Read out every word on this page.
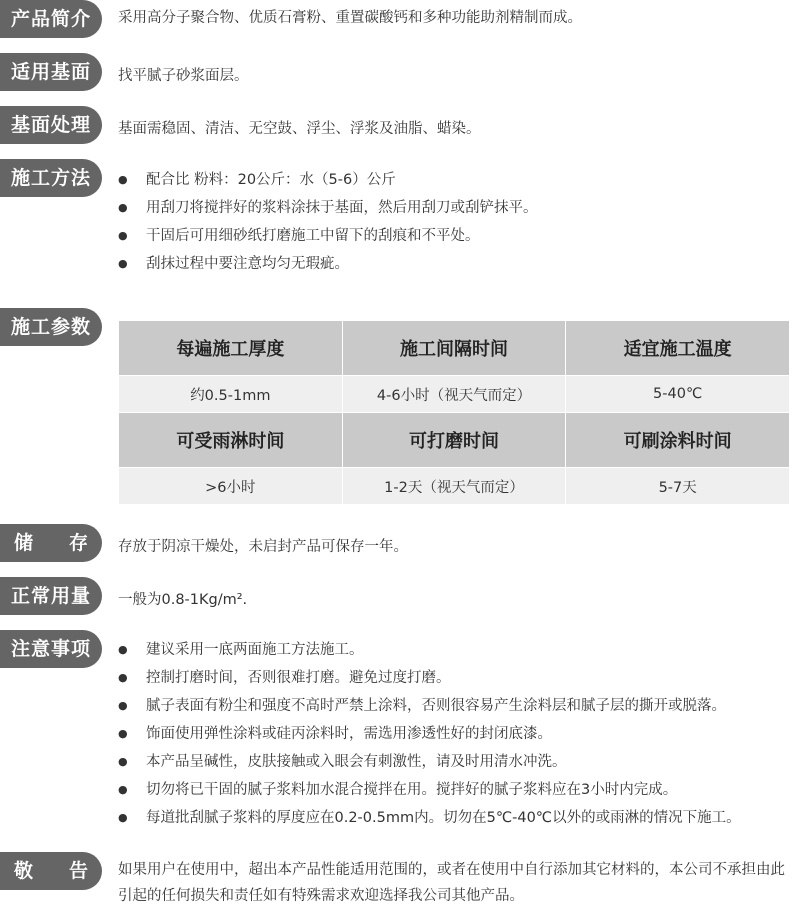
产品简介	采用高分子聚合物、优质石膏粉、重置碳酸钙和多种功能助剂精制而成。
适用基面	找平腻子砂浆面层。
基面处理	基面需稳固、清洁、无空鼓、浮尘、浮浆及油脂、蜡染。
施工方法	● 配合比 粉料：20公斤：水（5-6）公斤
● 用刮刀将搅拌好的浆料涂抹于基面，然后用刮刀或刮铲抹平。
● 干固后可用细砂纸打磨施工中留下的刮痕和不平处。
● 刮抹过程中要注意均匀无瑕疵。
施工参数
每遍施工厚度	施工间隔时间	适宜施工温度
约0.5-1mm	4-6小时（视天气而定）	5-40℃
可受雨淋时间	可打磨时间	可刷涂料时间
>6小时	1-2天（视天气而定）	5-7天
储 存 存放于阴凉干燥处，未启封产品可保存一年。
正常用量	一般为0.8-1Kg/m².
注意事项	● 建议采用一底两面施工方法施工。
● 控制打磨时间，否则很难打磨。避免过度打磨。
● 腻子表面有粉尘和强度不高时严禁上涂料，否则很容易产生涂料层和腻子层的撕开或脱落。
● 饰面使用弹性涂料或硅丙涂料时，需选用渗透性好的封闭底漆。
● 本产品呈碱性，皮肤接触或入眼会有刺激性，请及时用清水冲洗。
● 切勿将已干固的腻子浆料加水混合搅拌在用。搅拌好的腻子浆料应在3小时内完成。
● 每道批刮腻子浆料的厚度应在0.2-0.5mm内。切勿在5℃-40℃以外的或雨淋的情况下施工。
敬 告 如果用户在使用中，超出本产品性能适用范围的，或者在使用中自行添加其它材料的，本公司不承担由此引起的任何损失和责任如有特殊需求欢迎选择我公司其他产品。
